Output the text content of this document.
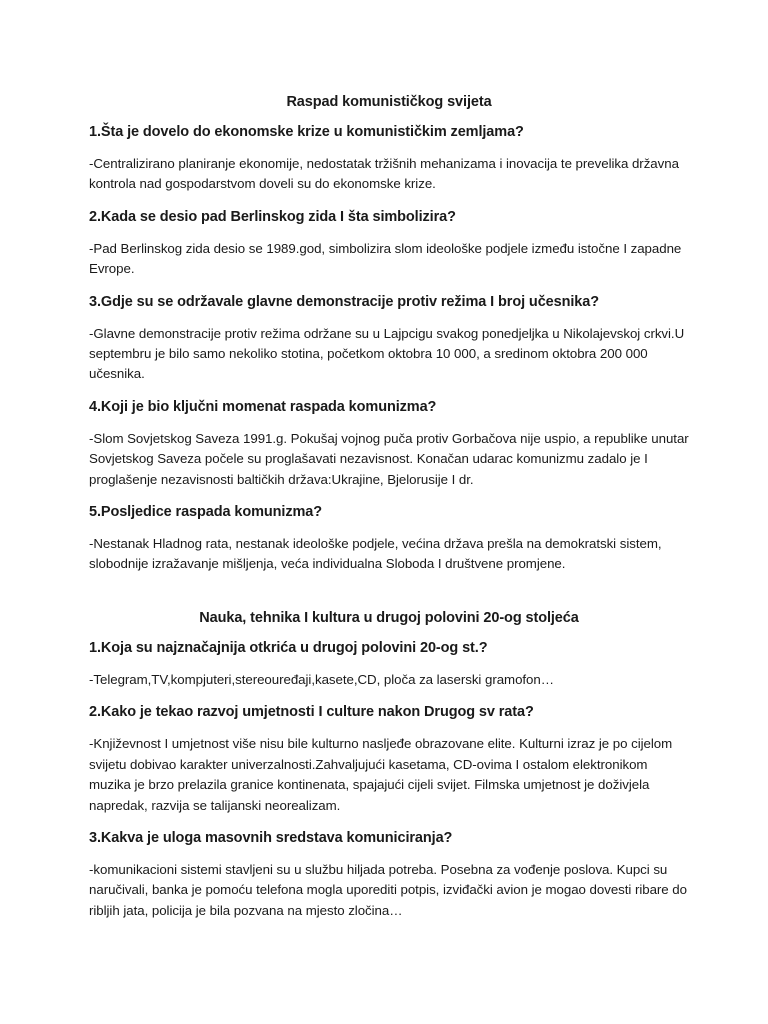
Raspad komunističkog svijeta
1.Šta je dovelo do ekonomske krize u komunističkim zemljama?
-Centralizirano planiranje ekonomije, nedostatak tržišnih mehanizama i inovacija te prevelika državna kontrola nad gospodarstvom doveli su do ekonomske krize.
2.Kada se desio pad Berlinskog zida I šta simbolizira?
-Pad Berlinskog zida desio se 1989.god, simbolizira slom ideološke podjele između istočne I zapadne Evrope.
3.Gdje su se održavale glavne demonstracije protiv režima I broj učesnika?
-Glavne demonstracije protiv režima održane su u Lajpcigu svakog ponedjeljka u Nikolajevskoj crkvi.U septembru je bilo samo nekoliko stotina, početkom oktobra 10 000, a sredinom oktobra 200 000 učesnika.
4.Koji je bio ključni momenat raspada komunizma?
-Slom Sovjetskog Saveza 1991.g. Pokušaj vojnog puča protiv Gorbačova nije uspio, a republike unutar Sovjetskog Saveza počele su proglašavati nezavisnost. Konačan udarac komunizmu zadalo je I proglašenje nezavisnosti baltičkih država:Ukrajine, Bjelorusije I dr.
5.Posljedice raspada komunizma?
-Nestanak Hladnog rata, nestanak ideološke podjele, većina država prešla na demokratski sistem, slobodnije izražavanje mišljenja, veća individualna Sloboda I društvene promjene.
Nauka, tehnika I kultura u drugoj polovini 20-og stoljeća
1.Koja su najznačajnija otkrića u drugoj polovini 20-og st.?
-Telegram,TV,kompjuteri,stereouređaji,kasete,CD, ploča za laserski gramofon…
2.Kako je tekao razvoj umjetnosti I culture nakon Drugog sv rata?
-Književnost I umjetnost više nisu bile kulturno nasljeđe obrazovane elite. Kulturni izraz je po cijelom svijetu dobivao karakter univerzalnosti.Zahvaljujući kasetama, CD-ovima I ostalom elektronikom muzika je brzo prelazila granice kontinenata, spajajući cijeli svijet. Filmska umjetnost je doživjela napredak, razvija se talijanski neorealizam.
3.Kakva je uloga masovnih sredstava komuniciranja?
-komunikacioni sistemi stavljeni su u službu hiljada potreba. Posebna za vođenje poslova. Kupci su naručivali, banka je pomoću telefona mogla uporediti potpis, izviđački avion je mogao dovesti ribare do ribljih jata, policija je bila pozvana na mjesto zločina…
